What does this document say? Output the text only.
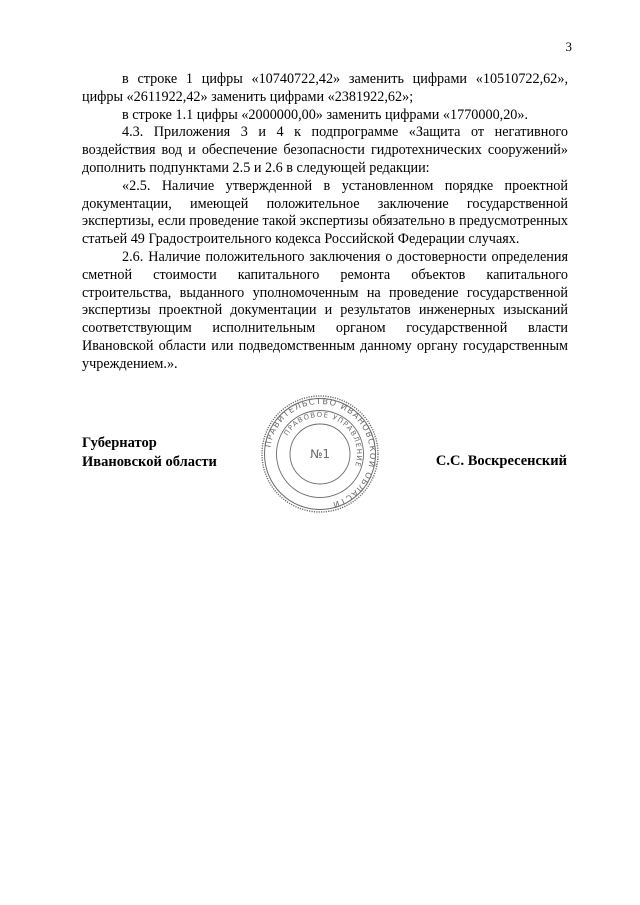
3

в строке 1 цифры «10740722,42» заменить цифрами «10510722,62», цифры «2611922,42» заменить цифрами «2381922,62»;

в строке 1.1 цифры «2000000,00» заменить цифрами «1770000,20».

4.3. Приложения 3 и 4 к подпрограмме «Защита от негативного воздействия вод и обеспечение безопасности гидротехнических сооружений» дополнить подпунктами 2.5 и 2.6 в следующей редакции:

«2.5. Наличие утвержденной в установленном порядке проектной документации, имеющей положительное заключение государственной экспертизы, если проведение такой экспертизы обязательно в предусмотренных статьей 49 Градостроительного кодекса Российской Федерации случаях.

2.6. Наличие положительного заключения о достоверности определения сметной стоимости капитального ремонта объектов капитального строительства, выданного уполномоченным на проведение государственной экспертизы проектной документации и результатов инженерных изысканий соответствующим исполнительным органом государственной власти Ивановской области или подведомственным данному органу государственным учреждением.».

Губернатор
Ивановской области
ПРАВИТЕЛЬСТВО ИВАНОВСКОЙ ОБЛАСТИ
ПРАВОВОЕ УПРАВЛЕНИЕ
№1	С.С. Воскресенский
